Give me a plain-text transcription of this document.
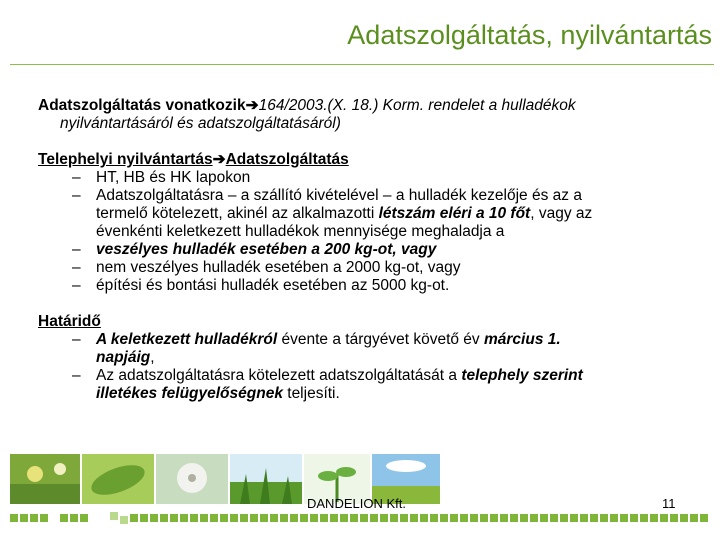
Adatszolgáltatás, nyilvántartás
Adatszolgáltatás vonatkozik➔164/2003.(X. 18.) Korm. rendelet a hulladékok
nyilvántartásáról és adatszolgáltatásáról)
Telephelyi nyilvántartás➔Adatszolgáltatás
– HT, HB és HK lapokon
– Adatszolgáltatásra – a szállító kivételével – a hulladék kezelője és az a
termelő kötelezett, akinél az alkalmazotti létszám eléri a 10 főt, vagy az
évenkénti keletkezett hulladékok mennyisége meghaladja a
– veszélyes hulladék esetében a 200 kg-ot, vagy
– nem veszélyes hulladék esetében a 2000 kg-ot, vagy
– építési és bontási hulladék esetében az 5000 kg-ot.
Határidő
– A keletkezett hulladékról évente a tárgyévet követő év március 1.
napjáig,
– Az adatszolgáltatásra kötelezett adatszolgáltatását a telephely szerint
illetékes felügyelőségnek teljesíti.
DANDELION Kft.	11
